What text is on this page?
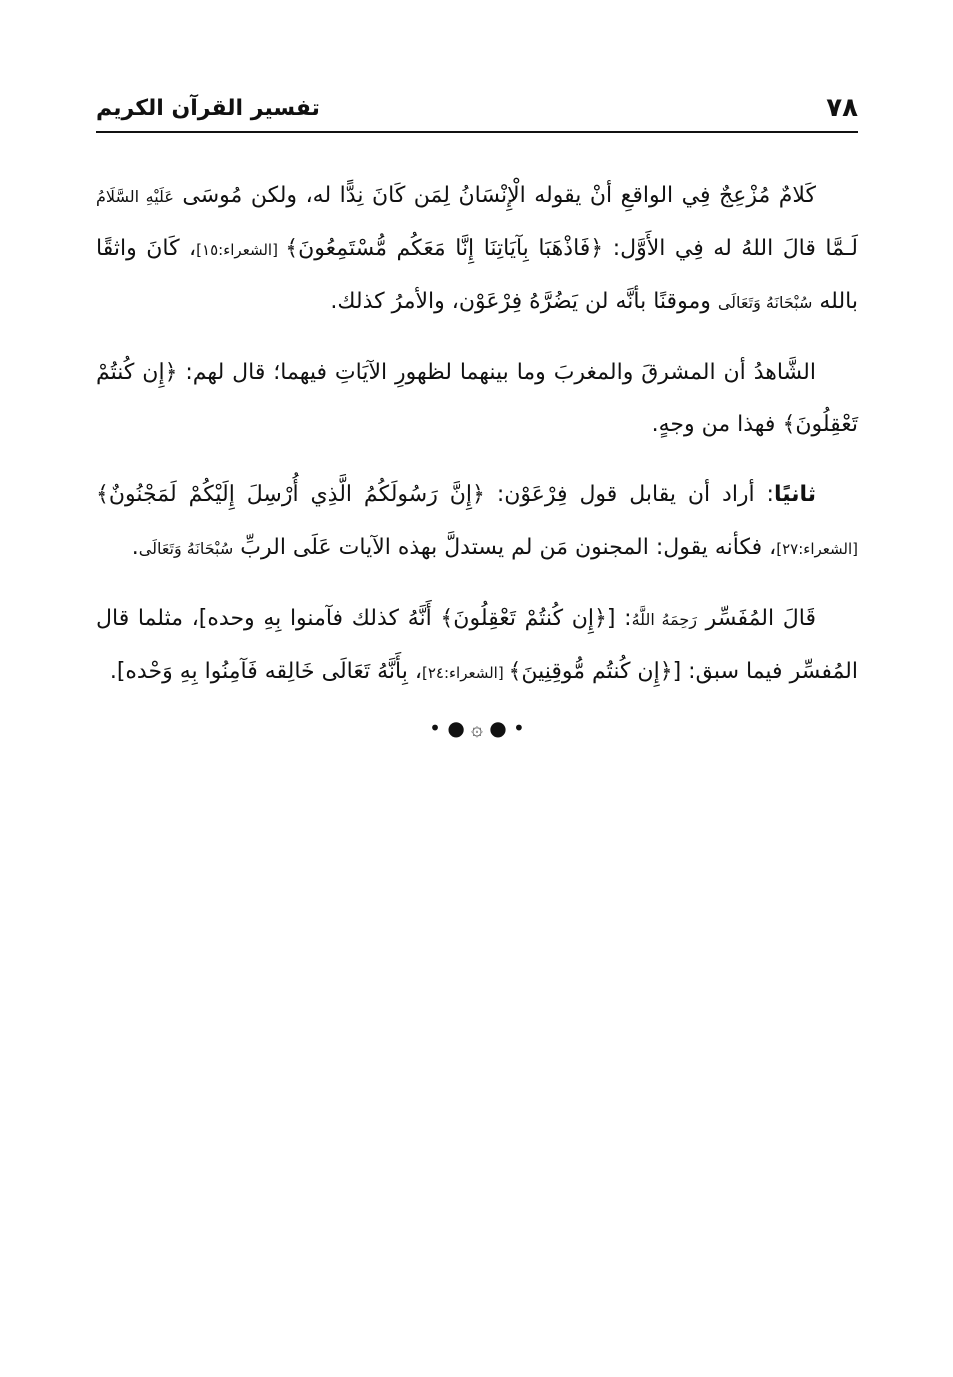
٧٨
تفسير القرآن الكريم

كَلامٌ مُزْعِجٌ فِي الواقعِ أنْ يقوله الْإِنْسَانُ لِمَن كَانَ نِدًّا له، ولكن مُوسَى عَلَيْهِ السَّلَامُ لَـمَّا قالَ اللهُ له فِي الأَوَّل: ﴿فَاذْهَبَا بِآيَاتِنَا إِنَّا مَعَكُم مُّسْتَمِعُونَ﴾ [الشعراء:١٥]، كَانَ واثقًا بالله سُبْحَانَهُ وَتَعَالَى وموقنًا بأنَّه لن يَضُرَّهُ فِرْعَوْن، والأمرُ كذلك.

الشَّاهدُ أن المشرقَ والمغربَ وما بينهما لظهورِ الآيَاتِ فيهما؛ قال لهم: ﴿إِن كُنتُمْ تَعْقِلُونَ﴾ فهذا من وجهٍ.

ثانيًا: أراد أن يقابل قول فِرْعَوْن: ﴿إِنَّ رَسُولَكُمُ الَّذِي أُرْسِلَ إِلَيْكُمْ لَمَجْنُونٌ﴾ [الشعراء:٢٧]، فكأنه يقول: المجنون مَن لم يستدلَّ بهذه الآيات عَلَى الربِّ سُبْحَانَهُ وَتَعَالَى.

قَالَ المُفَسِّر رَحِمَهُ اللَّهُ: [﴿إِن كُنتُمْ تَعْقِلُونَ﴾ أَنَّهُ كذلك فآمنوا بِهِ وحده]، مثلما قال المُفسِّر فيما سبق: [﴿إِن كُنتُم مُّوقِنِينَ﴾ [الشعراء:٢٤]، بِأَنَّهُ تَعَالَى خَالِقه فَآمِنُوا بِهِ وَحْده].

• ● ۞ ● •
